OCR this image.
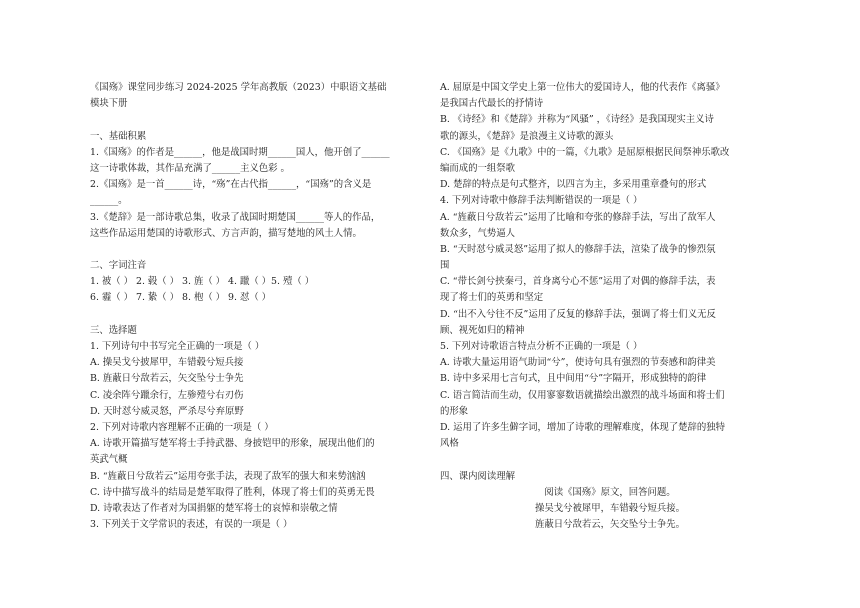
《国殇》课堂同步练习 2024-2025 学年高教版（2023）中职语文基础
模块下册
一、基础积累
1.《国殇》的作者是______，他是战国时期______国人，他开创了______
这一诗歌体裁，其作品充满了______主义色彩 。
2.《国殇》是一首______诗，“殇”在古代指______，“国殇”的含义是
______。
3.《楚辞》是一部诗歌总集，收录了战国时期楚国______等人的作品，
这些作品运用楚国的诗歌形式、方言声韵，描写楚地的风土人情。
二、字词注音
1. 被（ ） 2. 毂（ ） 3. 旌（ ） 4. 躐（ ）5. 殪（ ）
6. 霾（ ） 7. 絷（ ） 8. 枹（ ） 9. 怼（ ）
三、选择题
1. 下列诗句中书写完全正确的一项是（ ）
A. 操吴戈兮披犀甲，车错毂兮短兵接
B. 旌蔽日兮敌若云，矢交坠兮士争先
C. 凌余阵兮躐余行，左骖殪兮右刃伤
D. 天时怼兮威灵怒，严杀尽兮弃原野
2. 下列对诗歌内容理解不正确的一项是（ ）
A. 诗歌开篇描写楚军将士手持武器、身披铠甲的形象，展现出他们的
英武气概
B. “旌蔽日兮敌若云”运用夸张手法，表现了敌军的强大和来势汹汹
C. 诗中描写战斗的结局是楚军取得了胜利，体现了将士们的英勇无畏
D. 诗歌表达了作者对为国捐躯的楚军将士的哀悼和崇敬之情
3. 下列关于文学常识的表述，有误的一项是（ ）
A. 屈原是中国文学史上第一位伟大的爱国诗人，他的代表作《离骚》
是我国古代最长的抒情诗
B. 《诗经》和《楚辞》并称为“风骚” ，《诗经》是我国现实主义诗
歌的源头，《楚辞》是浪漫主义诗歌的源头
C. 《国殇》是《九歌》中的一篇，《九歌》是屈原根据民间祭神乐歌改
编而成的一组祭歌
D. 楚辞的特点是句式整齐，以四言为主，多采用重章叠句的形式
4. 下列对诗歌中修辞手法判断错误的一项是（ ）
A. “旌蔽日兮敌若云”运用了比喻和夸张的修辞手法，写出了敌军人
数众多，气势逼人
B. “天时怼兮威灵怒”运用了拟人的修辞手法，渲染了战争的惨烈氛
围
C. “带长剑兮挟秦弓，首身离兮心不惩”运用了对偶的修辞手法，表
现了将士们的英勇和坚定
D. “出不入兮往不反”运用了反复的修辞手法，强调了将士们义无反
顾、视死如归的精神
5. 下列对诗歌语言特点分析不正确的一项是（ ）
A. 诗歌大量运用语气助词“兮”，使诗句具有强烈的节奏感和韵律美
B. 诗中多采用七言句式，且中间用“兮”字隔开，形成独特的韵律
C. 语言简洁而生动，仅用寥寥数语就描绘出激烈的战斗场面和将士们
的形象
D. 运用了许多生僻字词，增加了诗歌的理解难度，体现了楚辞的独特
风格
四、课内阅读理解
阅读《国殇》原文，回答问题。
操吴戈兮被犀甲，车错毂兮短兵接。
旌蔽日兮敌若云，矢交坠兮士争先。
